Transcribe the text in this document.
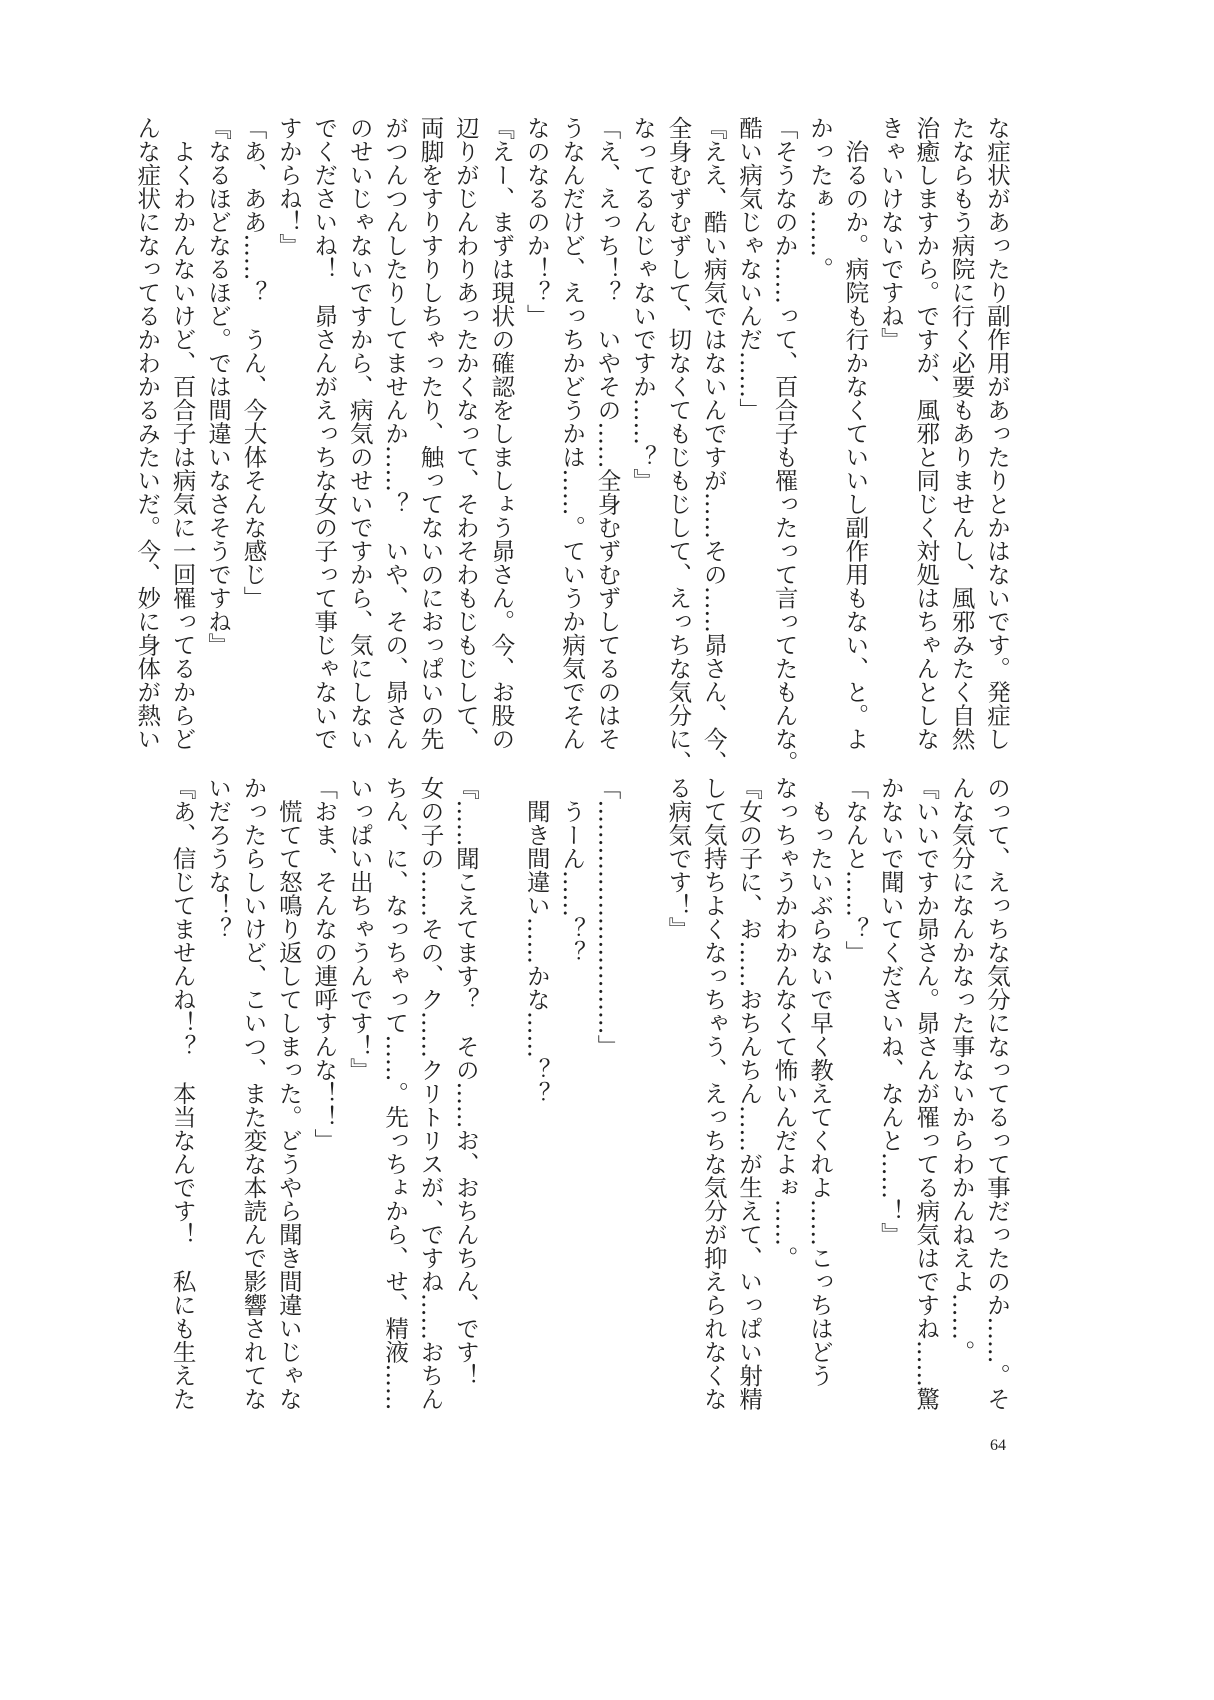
な症状があったり副作用があったりとかはないです。発症し
たならもう病院に行く必要もありませんし、風邪みたく自然
治癒しますから。ですが、風邪と同じく対処はちゃんとしな
きゃいけないですね』
　治るのか。病院も行かなくていいし副作用もない、と。よ
かったぁ……。
「そうなのか……って、百合子も罹ったって言ってたもんな。
酷い病気じゃないんだ……」
『ええ、酷い病気ではないんですが……その……昴さん、今、
全身むずむずして、切なくてもじもじして、えっちな気分に、
なってるんじゃないですか……？』
「え、えっち！？　いやその……全身むずむずしてるのはそ
うなんだけど、えっちかどうかは……。ていうか病気でそん
なのなるのか！？」
『えー、まずは現状の確認をしましょう昴さん。今、お股の
辺りがじんわりあったかくなって、そわそわもじもじして、
両脚をすりすりしちゃったり、触ってないのにおっぱいの先
がつんつんしたりしてませんか……？　いや、その、昴さん
のせいじゃないですから、病気のせいですから、気にしない
でくださいね！　昴さんがえっちな女の子って事じゃないで
すからね！』
「あ、ああ……？　うん、今大体そんな感じ」
『なるほどなるほど。では間違いなさそうですね』
　よくわかんないけど、百合子は病気に一回罹ってるからど
んな症状になってるかわかるみたいだ。今、妙に身体が熱い
のって、えっちな気分になってるって事だったのか……。そ
んな気分になんかなった事ないからわかんねえよ……。
『いいですか昴さん。昴さんが罹ってる病気はですね……驚
かないで聞いてくださいね、なんと……！』
「なんと……？」
　もったいぶらないで早く教えてくれよ……こっちはどう
なっちゃうかわかんなくて怖いんだよぉ……。
『女の子に、お……おちんちん……が生えて、いっぱい射精
して気持ちよくなっちゃう、えっちな気分が抑えられなくな
る病気です！』

「…………………………」
　うーん……？？
　聞き間違い……かな……？？

『……聞こえてます？　その……お、おちんちん、です！
女の子の……その、ク……クリトリスが、ですね……おちん
ちん、に、なっちゃって……。先っちょから、せ、精液……
いっぱい出ちゃうんです！』
「おま、そんなの連呼すんな！！」
　慌てて怒鳴り返してしまった。どうやら聞き間違いじゃな
かったらしいけど、こいつ、また変な本読んで影響されてな
いだろうな！？
『あ、信じてませんね！？　本当なんです！　私にも生えた
64
